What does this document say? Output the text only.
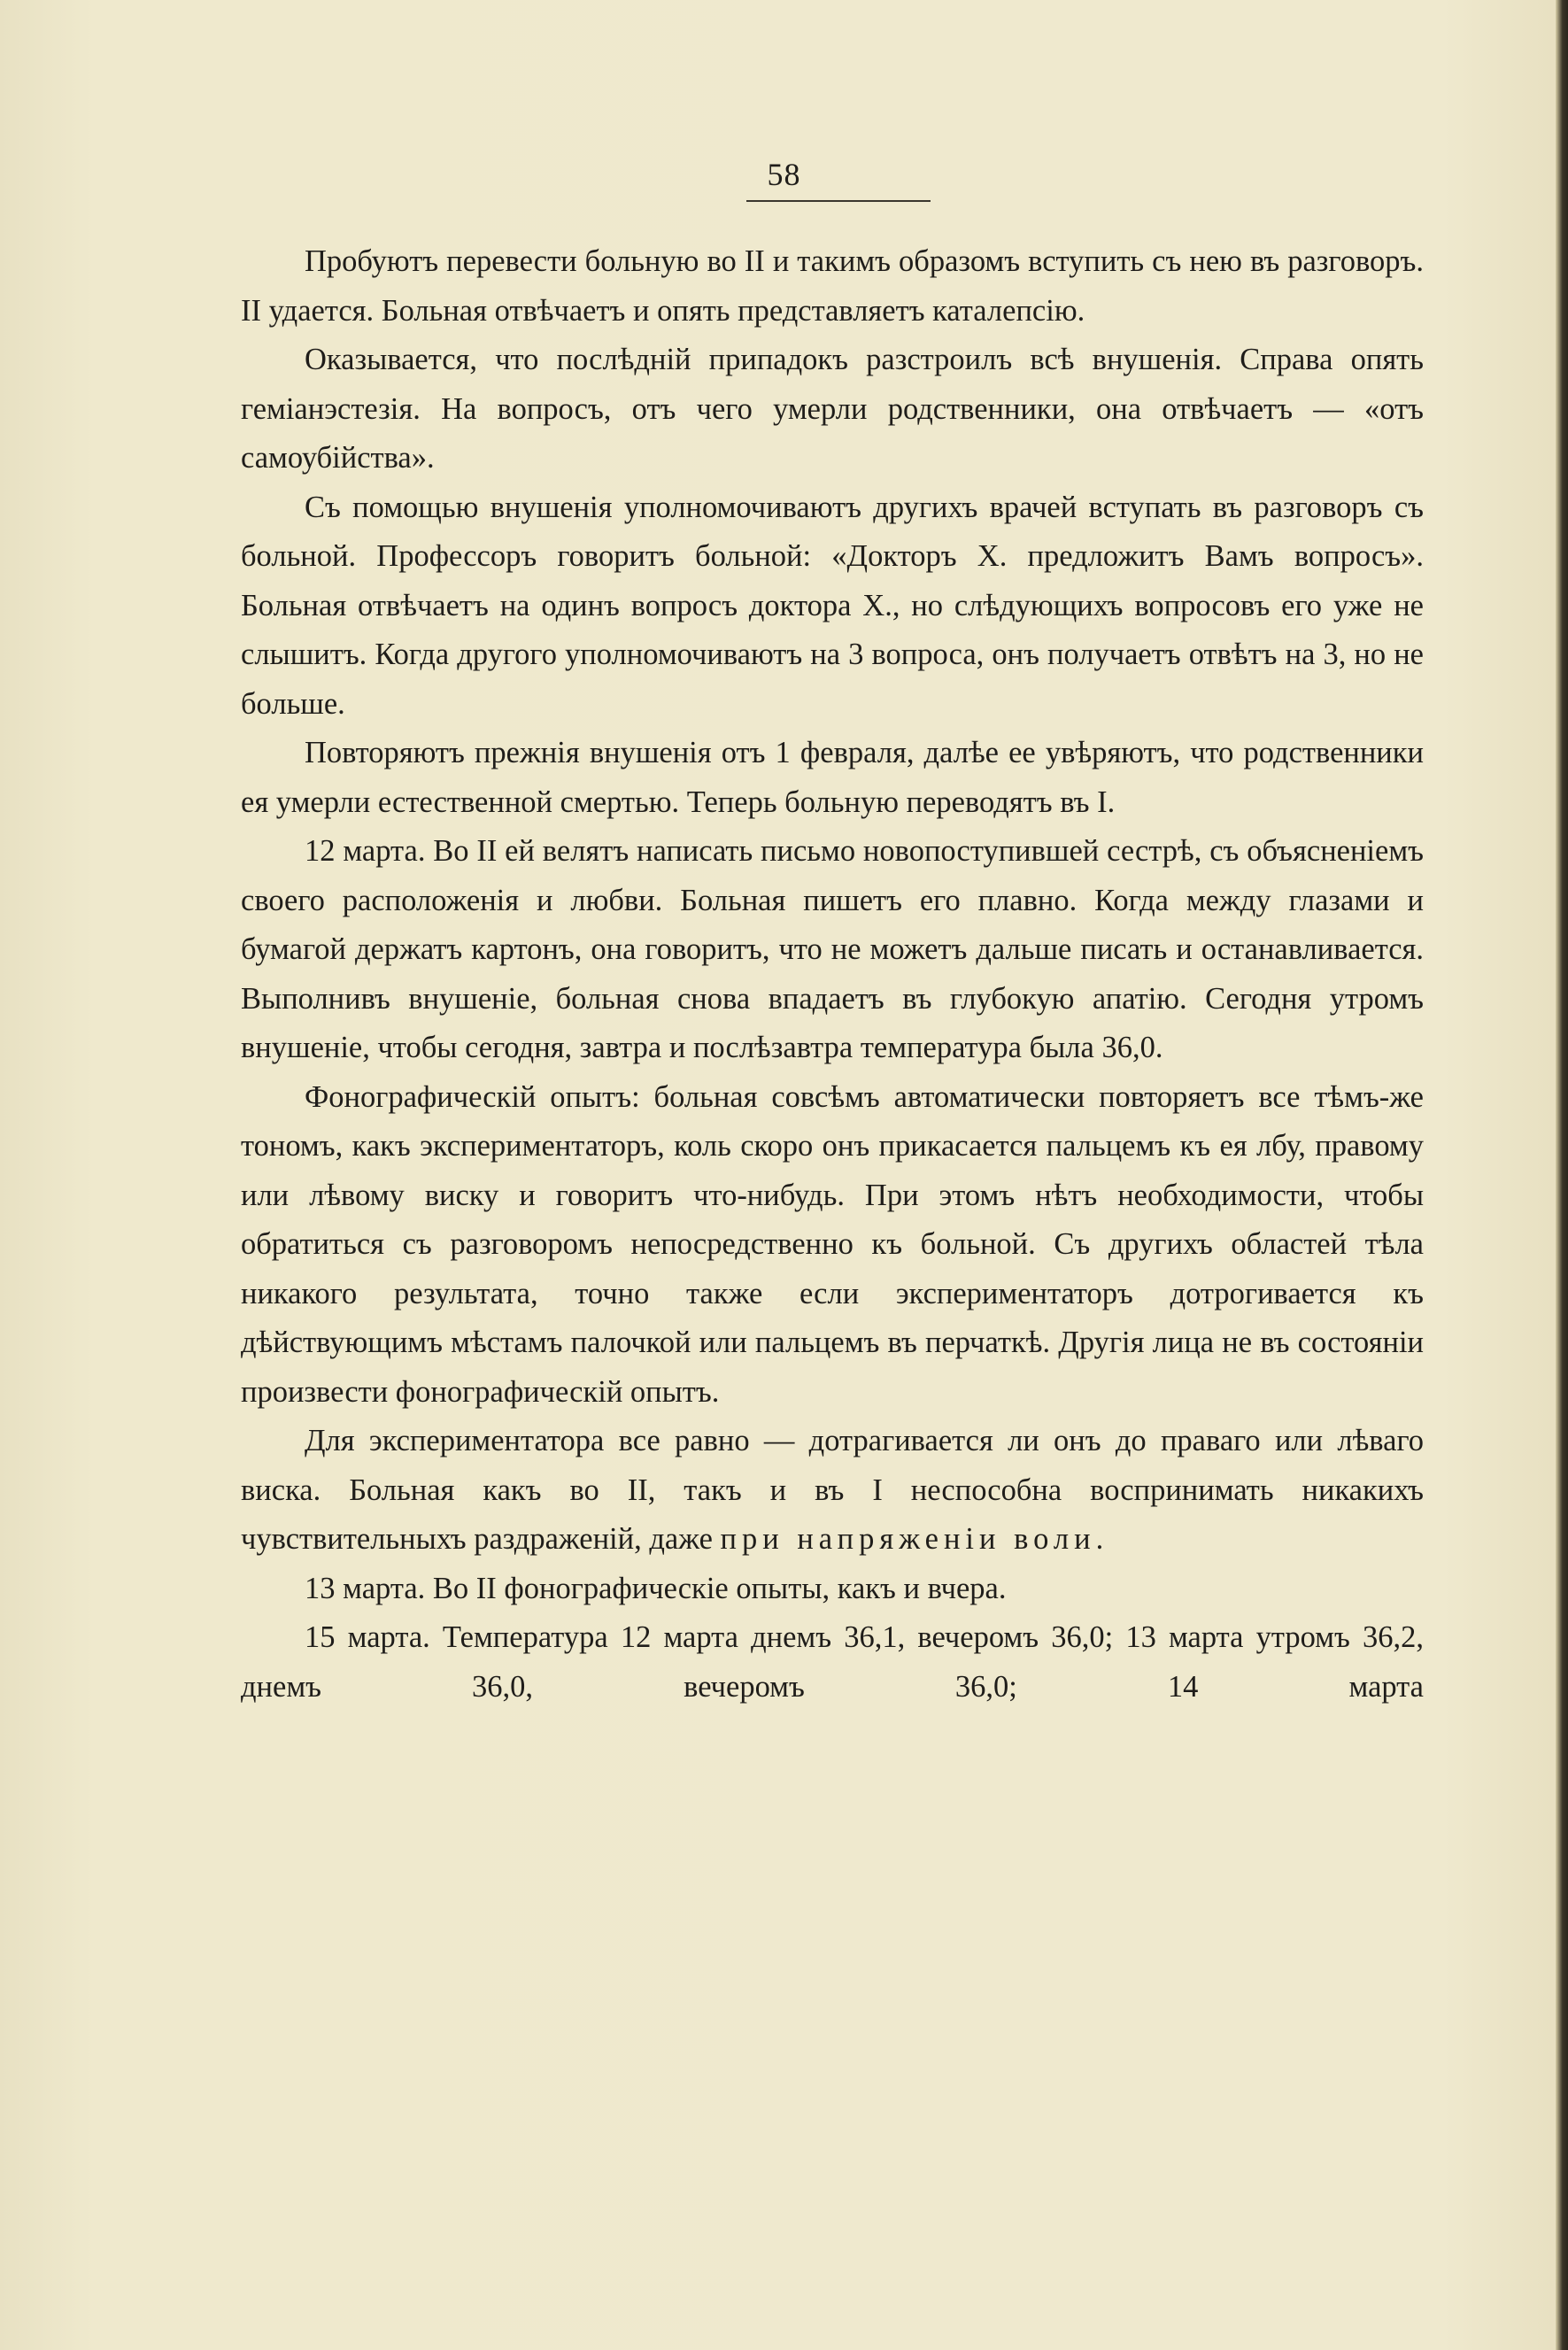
58

Пробуютъ перевести больную во II и такимъ образомъ вступить съ нею въ разговоръ. II удается. Больная отвѣчаетъ и опять представляетъ каталепсію.

Оказывается, что послѣдній припадокъ разстроилъ всѣ внушенія. Справа опять геміанэстезія. На вопросъ, отъ чего умерли родственники, она отвѣчаетъ — «отъ самоубійства».

Съ помощью внушенія уполномочиваютъ другихъ врачей вступать въ разговоръ съ больной. Профессоръ говоритъ больной: «Докторъ Х. предложитъ Вамъ вопросъ». Больная отвѣчаетъ на одинъ вопросъ доктора Х., но слѣдующихъ вопросовъ его уже не слышитъ. Когда другого уполномочиваютъ на 3 вопроса, онъ получаетъ отвѣтъ на 3, но не больше.

Повторяютъ прежнія внушенія отъ 1 февраля, далѣе ее увѣряютъ, что родственники ея умерли естественной смертью. Теперь больную переводятъ въ I.

12 марта. Во II ей велятъ написать письмо новопоступившей сестрѣ, съ объясненіемъ своего расположенія и любви. Больная пишетъ его плавно. Когда между глазами и бумагой держатъ картонъ, она говоритъ, что не можетъ дальше писать и останавливается. Выполнивъ внушеніе, больная снова впадаетъ въ глубокую апатію. Сегодня утромъ внушеніе, чтобы сегодня, завтра и послѣзавтра температура была 36,0.

Фонографическій опытъ: больная совсѣмъ автоматически повторяетъ все тѣмъ-же тономъ, какъ экспериментаторъ, коль скоро онъ прикасается пальцемъ къ ея лбу, правому или лѣвому виску и говоритъ что-нибудь. При этомъ нѣтъ необходимости, чтобы обратиться съ разговоромъ непосредственно къ больной. Съ другихъ областей тѣла никакого результата, точно также если экспериментаторъ дотрогивается къ дѣйствующимъ мѣстамъ палочкой или пальцемъ въ перчаткѣ. Другія лица не въ состояніи произвести фонографическій опытъ.

Для экспериментатора все равно — дотрагивается ли онъ до праваго или лѣваго виска. Больная какъ во II, такъ и въ I неспособна воспринимать никакихъ чувствительныхъ раздраженій, даже при напряженіи воли.

13 марта. Во II фонографическіе опыты, какъ и вчера.

15 марта. Температура 12 марта днемъ 36,1, вечеромъ 36,0; 13 марта утромъ 36,2, днемъ 36,0, вечеромъ 36,0; 14 марта
